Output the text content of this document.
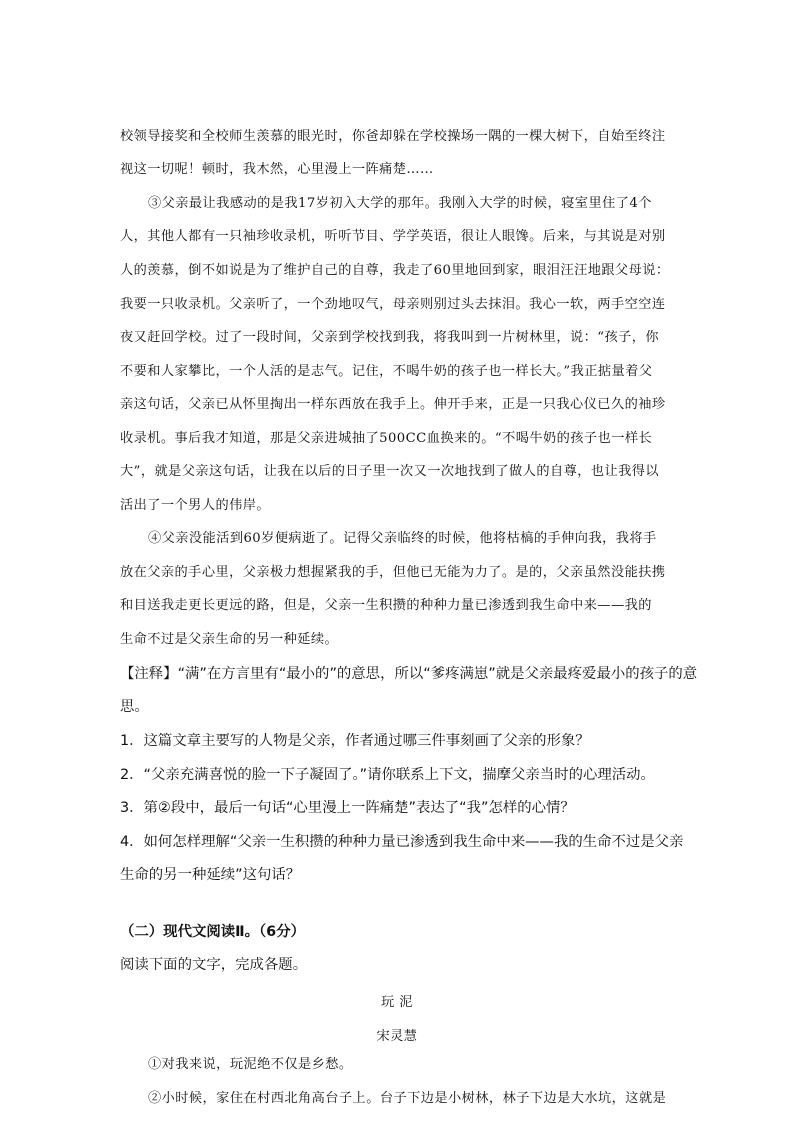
校领导接奖和全校师生羡慕的眼光时，你爸却躲在学校操场一隅的一棵大树下，自始至终注
视这一切呢！顿时，我木然，心里漫上一阵痛楚……
③父亲最让我感动的是我17岁初入大学的那年。我刚入大学的时候，寝室里住了4个
人，其他人都有一只袖珍收录机，听听节目、学学英语，很让人眼馋。后来，与其说是对别
人的羡慕，倒不如说是为了维护自己的自尊，我走了60里地回到家，眼泪汪汪地跟父母说：
我要一只收录机。父亲听了，一个劲地叹气，母亲则别过头去抹泪。我心一软，两手空空连
夜又赶回学校。过了一段时间，父亲到学校找到我，将我叫到一片树林里，说：“孩子，你
不要和人家攀比，一个人活的是志气。记住，不喝牛奶的孩子也一样长大。”我正掂量着父
亲这句话，父亲已从怀里掏出一样东西放在我手上。伸开手来，正是一只我心仪已久的袖珍
收录机。事后我才知道，那是父亲进城抽了500CC血换来的。“不喝牛奶的孩子也一样长
大”，就是父亲这句话，让我在以后的日子里一次又一次地找到了做人的自尊，也让我得以
活出了一个男人的伟岸。
④父亲没能活到60岁便病逝了。记得父亲临终的时候，他将枯槁的手伸向我，我将手
放在父亲的手心里，父亲极力想握紧我的手，但他已无能为力了。是的，父亲虽然没能扶携
和目送我走更长更远的路，但是，父亲一生积攒的种种力量已渗透到我生命中来——我的
生命不过是父亲生命的另一种延续。
【注释】“满”在方言里有“最小的”的意思，所以“爹疼满崽”就是父亲最疼爱最小的孩子的意
思。
1．这篇文章主要写的人物是父亲，作者通过哪三件事刻画了父亲的形象？
2．“父亲充满喜悦的脸一下子凝固了。”请你联系上下文，揣摩父亲当时的心理活动。
3．第②段中，最后一句话“心里漫上一阵痛楚”表达了“我”怎样的心情？
4．如何怎样理解“父亲一生积攒的种种力量已渗透到我生命中来——我的生命不过是父亲
生命的另一种延续”这句话？
（二）现代文阅读Ⅱ。（6分）
阅读下面的文字，完成各题。
玩 泥
宋灵慧
①对我来说，玩泥绝不仅是乡愁。
②小时候，家住在村西北角高台子上。台子下边是小树林，林子下边是大水坑，这就是
